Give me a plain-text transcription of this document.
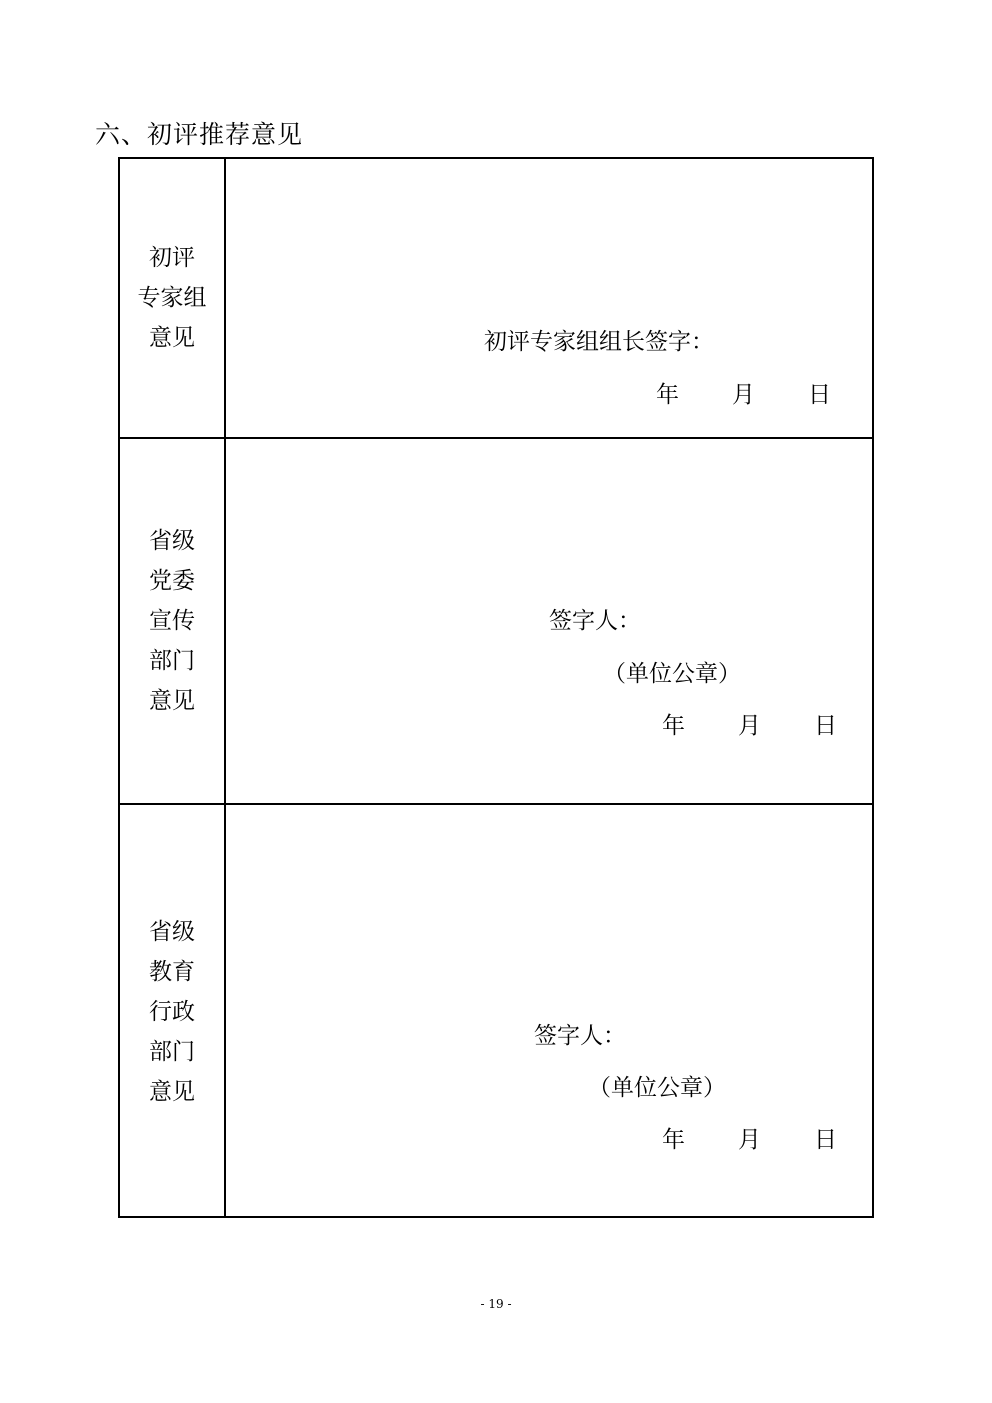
六、初评推荐意见
初评
专家组
意见	初评专家组组长签字：
年 月 日
省级
党委
宣传
部门
意见
签字人：
（单位公章）
年 月 日
省级
教育
行政
部门
意见
签字人：
（单位公章）
年 月 日
- 19 -
